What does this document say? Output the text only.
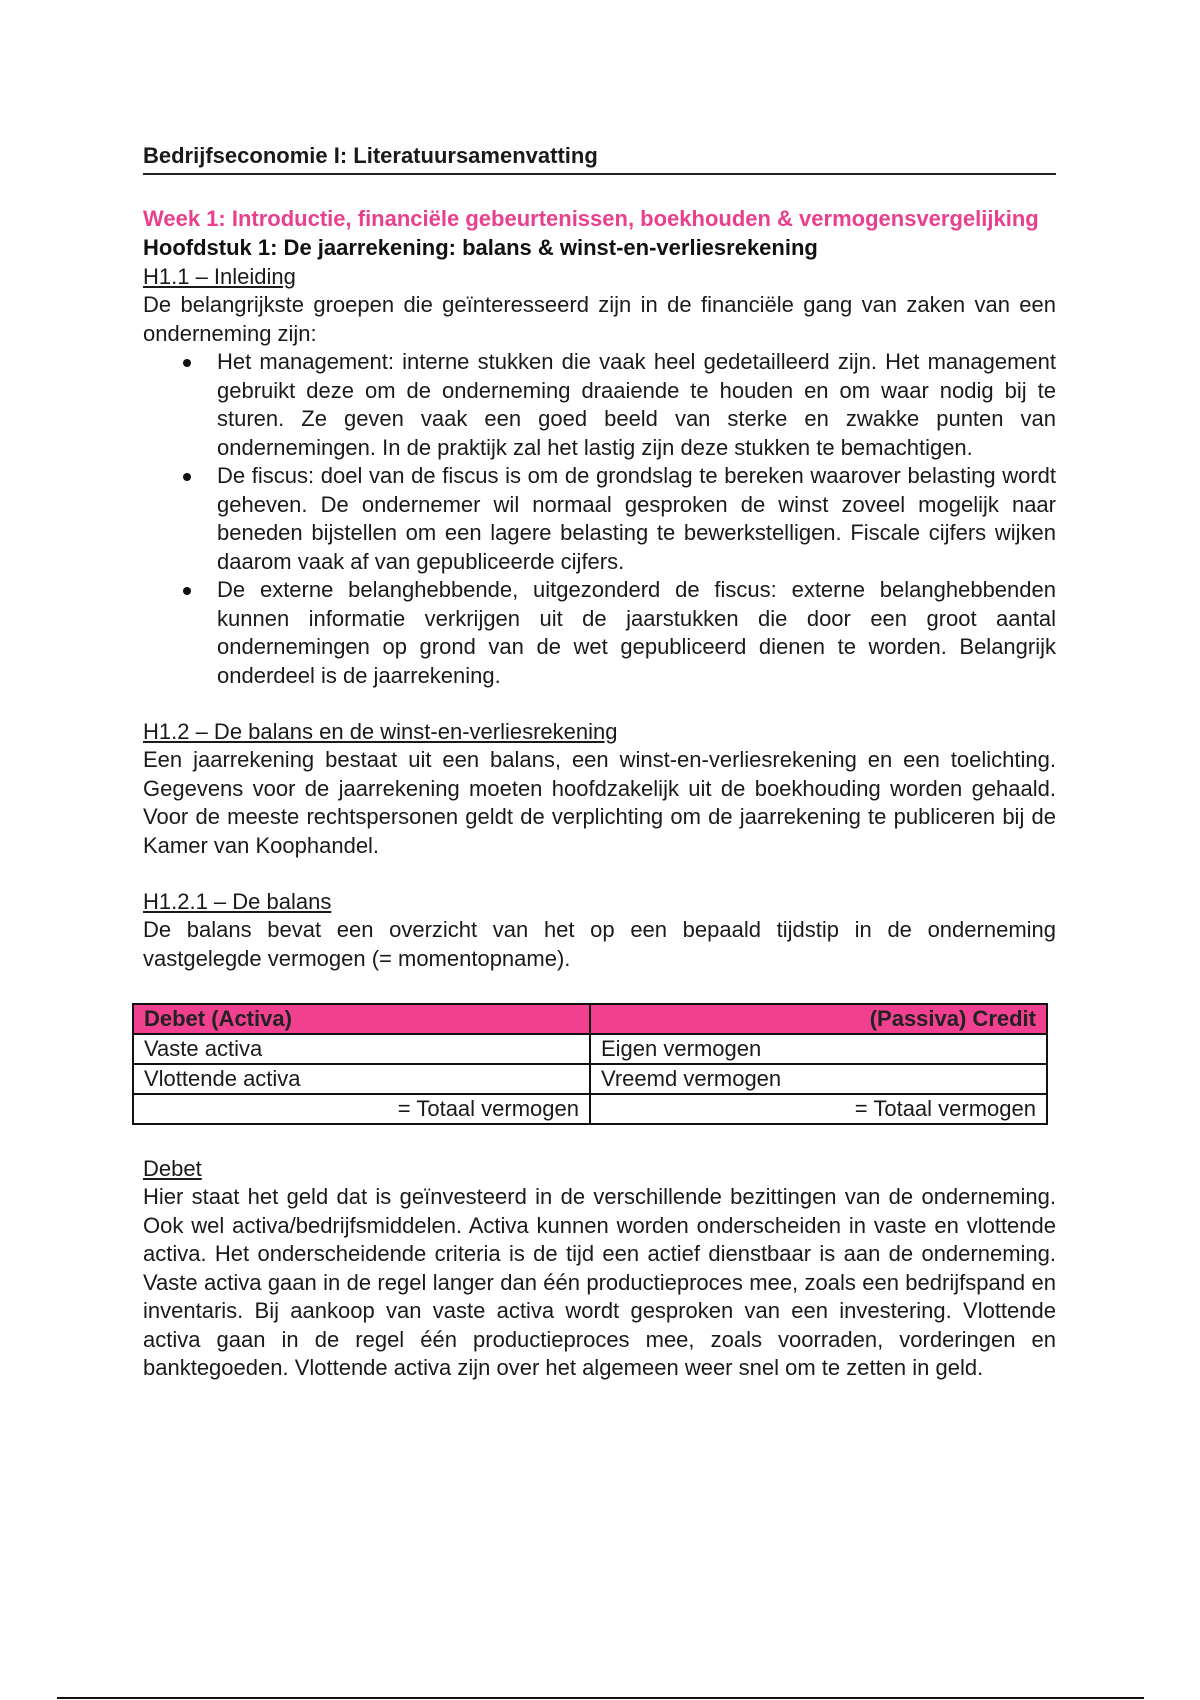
Bedrijfseconomie I: Literatuursamenvatting
Week 1: Introductie, financiële gebeurtenissen, boekhouden & vermogensvergelijking
Hoofdstuk 1: De jaarrekening: balans & winst-en-verliesrekening
H1.1 – Inleiding

De belangrijkste groepen die geïnteresseerd zijn in de financiële gang van zaken van een onderneming zijn:

Het management: interne stukken die vaak heel gedetailleerd zijn. Het management gebruikt deze om de onderneming draaiende te houden en om waar nodig bij te sturen. Ze geven vaak een goed beeld van sterke en zwakke punten van ondernemingen. In de praktijk zal het lastig zijn deze stukken te bemachtigen.
De fiscus: doel van de fiscus is om de grondslag te bereken waarover belasting wordt geheven. De ondernemer wil normaal gesproken de winst zoveel mogelijk naar beneden bijstellen om een lagere belasting te bewerkstelligen. Fiscale cijfers wijken daarom vaak af van gepubliceerde cijfers.
De externe belanghebbende, uitgezonderd de fiscus: externe belanghebbenden kunnen informatie verkrijgen uit de jaarstukken die door een groot aantal ondernemingen op grond van de wet gepubliceerd dienen te worden. Belangrijk onderdeel is de jaarrekening.
H1.2 – De balans en de winst-en-verliesrekening

Een jaarrekening bestaat uit een balans, een winst-en-verliesrekening en een toelichting. Gegevens voor de jaarrekening moeten hoofdzakelijk uit de boekhouding worden gehaald. Voor de meeste rechtspersonen geldt de verplichting om de jaarrekening te publiceren bij de Kamer van Koophandel.

H1.2.1 – De balans

De balans bevat een overzicht van het op een bepaald tijdstip in de onderneming vastgelegde vermogen (= momentopname).

Debet (Activa)	(Passiva) Credit
Vaste activa	Eigen vermogen
Vlottende activa	Vreemd vermogen
= Totaal vermogen	= Totaal vermogen
Debet

Hier staat het geld dat is geïnvesteerd in de verschillende bezittingen van de onderneming. Ook wel activa/bedrijfsmiddelen. Activa kunnen worden onderscheiden in vaste en vlottende activa. Het onderscheidende criteria is de tijd een actief dienstbaar is aan de onderneming. Vaste activa gaan in de regel langer dan één productieproces mee, zoals een bedrijfspand en inventaris. Bij aankoop van vaste activa wordt gesproken van een investering. Vlottende activa gaan in de regel één productieproces mee, zoals voorraden, vorderingen en banktegoeden. Vlottende activa zijn over het algemeen weer snel om te zetten in geld.
